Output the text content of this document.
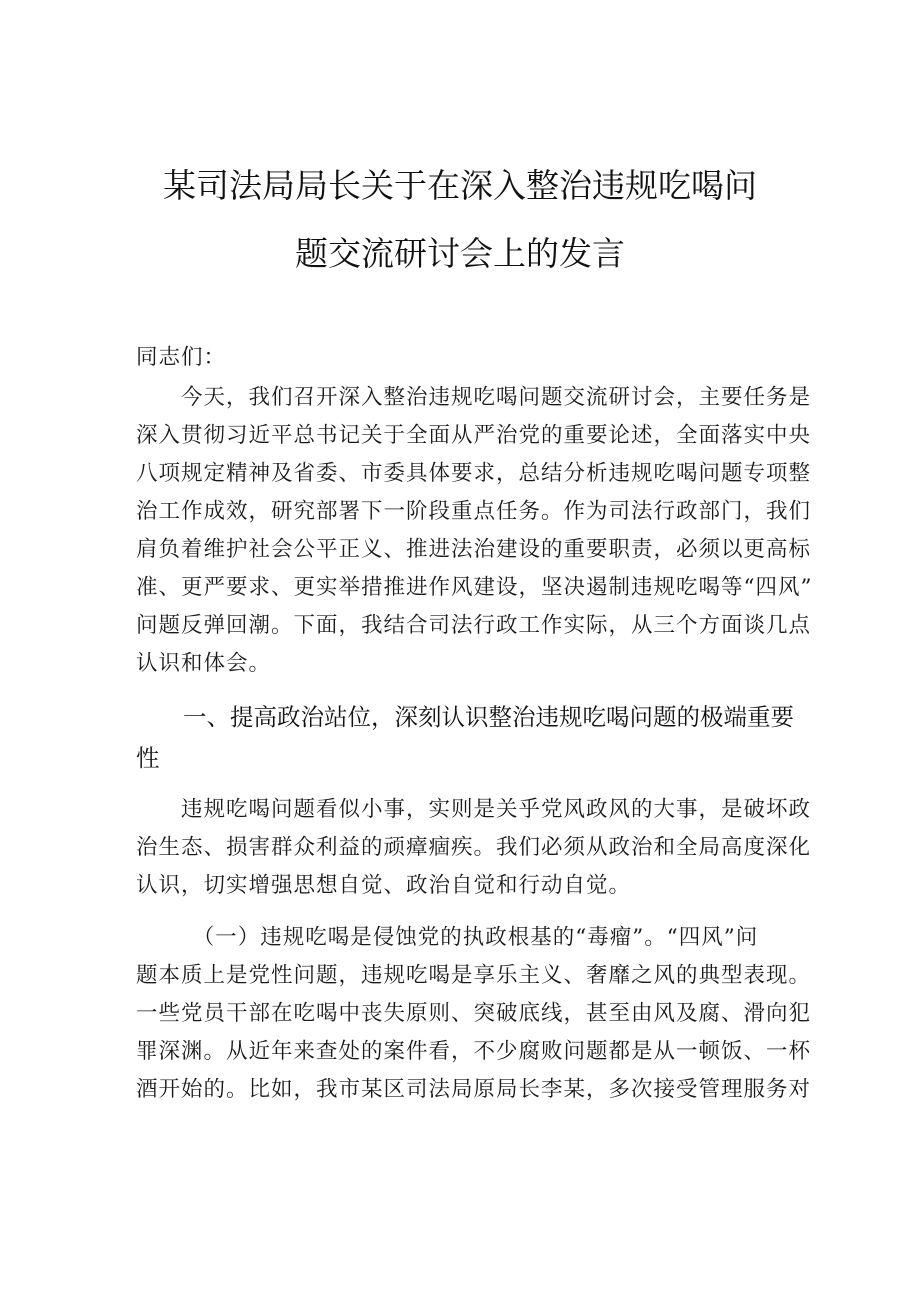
某司法局局长关于在深入整治违规吃喝问
题交流研讨会上的发言
同志们：
　　今天，我们召开深入整治违规吃喝问题交流研讨会，主要任务是
深入贯彻习近平总书记关于全面从严治党的重要论述，全面落实中央
八项规定精神及省委、市委具体要求，总结分析违规吃喝问题专项整
治工作成效，研究部署下一阶段重点任务。作为司法行政部门，我们
肩负着维护社会公平正义、推进法治建设的重要职责，必须以更高标
准、更严要求、更实举措推进作风建设，坚决遏制违规吃喝等“四风”
问题反弹回潮。下面，我结合司法行政工作实际，从三个方面谈几点
认识和体会。
　　一、提高政治站位，深刻认识整治违规吃喝问题的极端重要
性
　　违规吃喝问题看似小事，实则是关乎党风政风的大事，是破坏政
治生态、损害群众利益的顽瘴痼疾。我们必须从政治和全局高度深化
认识，切实增强思想自觉、政治自觉和行动自觉。
　　　（一）违规吃喝是侵蚀党的执政根基的“毒瘤”。“四风”问
题本质上是党性问题，违规吃喝是享乐主义、奢靡之风的典型表现。
一些党员干部在吃喝中丧失原则、突破底线，甚至由风及腐、滑向犯
罪深渊。从近年来查处的案件看，不少腐败问题都是从一顿饭、一杯
酒开始的。比如，我市某区司法局原局长李某，多次接受管理服务对
